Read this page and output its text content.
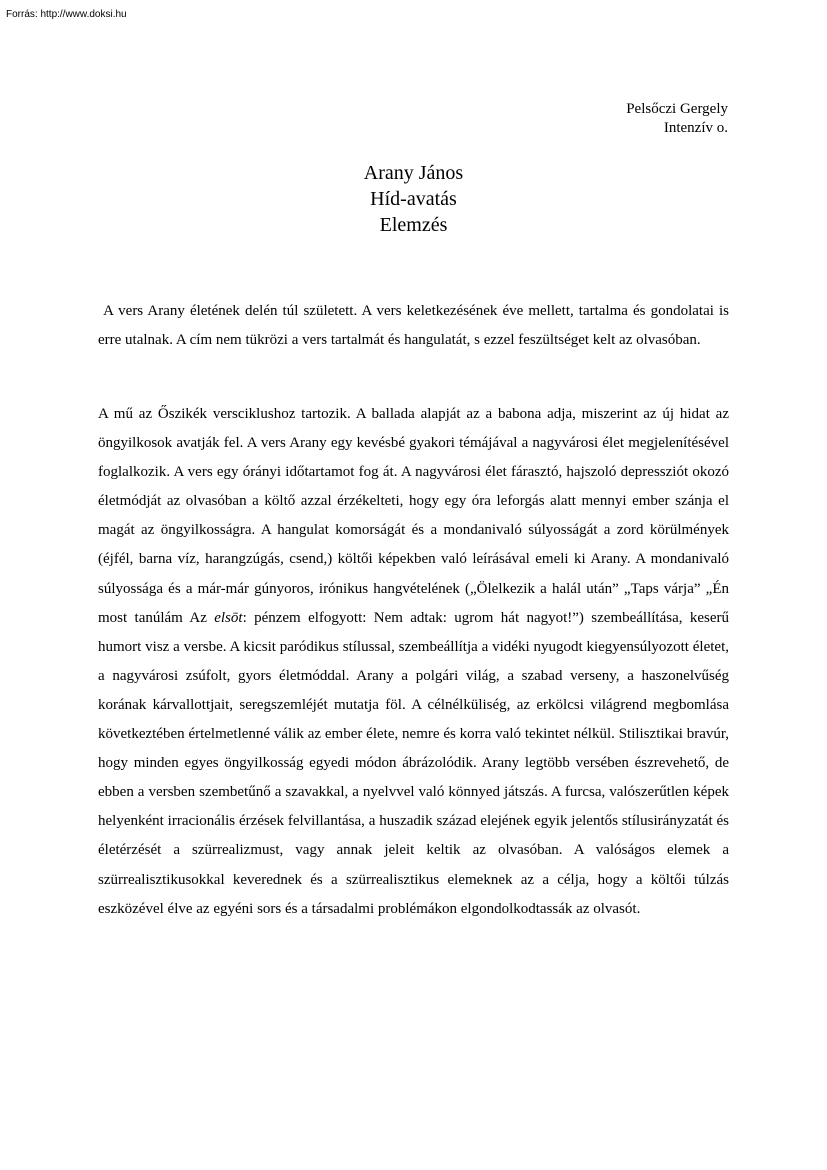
Forrás: http://www.doksi.hu
Pelsőczi Gergely
Intenzív o.
Arany János
Híd-avatás
Elemzés
A vers Arany életének delén túl született. A vers keletkezésének éve mellett, tartalma és gondolatai is erre utalnak. A cím nem tükrözi a vers tartalmát és hangulatát, s ezzel feszültséget kelt az olvasóban.
A mű az Őszikék versciklushoz tartozik. A ballada alapját az a babona adja, miszerint az új hidat az öngyilkosok avatják fel. A vers Arany egy kevésbé gyakori témájával a nagyvárosi élet megjelenítésével foglalkozik. A vers egy órányi időtartamot fog át. A nagyvárosi élet fárasztó, hajszoló depressziót okozó életmódját az olvasóban a költő azzal érzékelteti, hogy egy óra leforgás alatt mennyi ember szánja el magát az öngyilkosságra. A hangulat komorságát és a mondanivaló súlyosságát a zord körülmények (éjfél, barna víz, harangzúgás, csend,) költői képekben való leírásával emeli ki Arany. A mondanivaló súlyossága és a már-már gúnyoros, irónikus hangvételének („Ölelkezik a halál után” „Taps várja” „Én most tanúlám Az elsōt: pénzem elfogyott: Nem adtak: ugrom hát nagyot!”) szembeállítása, keserű humort visz a versbe. A kicsit paródikus stílussal, szembeállítja a vidéki nyugodt kiegyensúlyozott életet, a nagyvárosi zsúfolt, gyors életmóddal. Arany a polgári világ, a szabad verseny, a haszonelvűség korának kárvallottjait, seregszemléjét mutatja föl. A célnélküliség, az erkölcsi világrend megbomlása következtében értelmetlenné válik az ember élete, nemre és korra való tekintet nélkül. Stilisztikai bravúr, hogy minden egyes öngyilkosság egyedi módon ábrázolódik. Arany legtöbb versében észrevehető, de ebben a versben szembetűnő a szavakkal, a nyelvvel való könnyed játszás. A furcsa, valószerűtlen képek helyenként irracionális érzések felvillantása, a huszadik század elejének egyik jelentős stílusirányzatát és életérzését a szürrealizmust, vagy annak jeleit keltik az olvasóban. A valóságos elemek a szürrealisztikusokkal keverednek és a szürrealisztikus elemeknek az a célja, hogy a költői túlzás eszközével élve az egyéni sors és a társadalmi problémákon elgondolkodtassák az olvasót.
